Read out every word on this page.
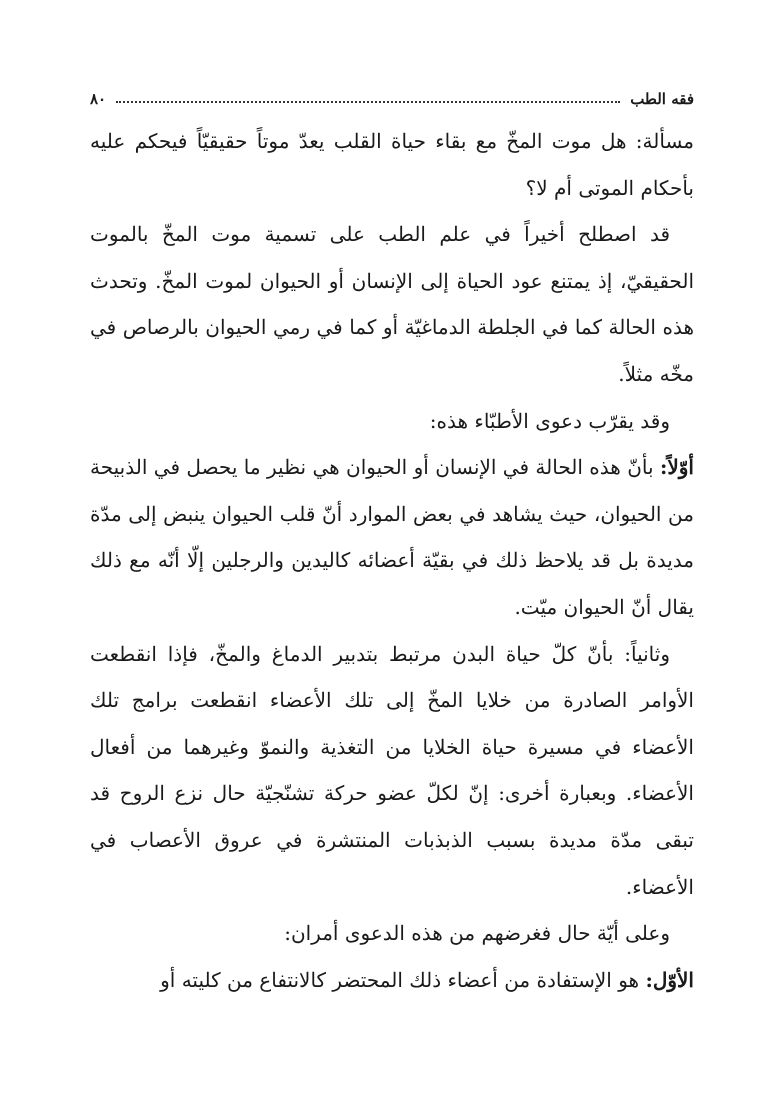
٨٠	فقه الطب

مسألة: هل موت المخّ مع بقاء حياة القلب يعدّ موتاً حقيقيّاً فيحكم عليه بأحكام الموتى أم لا؟

قد اصطلح أخيراً في علم الطب على تسمية موت المخّ بالموت الحقيقيّ، إذ يمتنع عود الحياة إلى الإنسان أو الحيوان لموت المخّ. وتحدث هذه الحالة كما في الجلطة الدماغيّة أو كما في رمي الحيوان بالرصاص في مخّه مثلاً.

وقد يقرّب دعوى الأطبّاء هذه:

أوّلاً: بأنّ هذه الحالة في الإنسان أو الحيوان هي نظير ما يحصل في الذبيحة من الحيوان، حيث يشاهد في بعض الموارد أنّ قلب الحيوان ينبض إلى مدّة مديدة بل قد يلاحظ ذلك في بقيّة أعضائه كاليدين والرجلين إلّا أنّه مع ذلك يقال أنّ الحيوان ميّت.

وثانياً: بأنّ كلّ حياة البدن مرتبط بتدبير الدماغ والمخّ، فإذا انقطعت الأوامر الصادرة من خلايا المخّ إلى تلك الأعضاء انقطعت برامج تلك الأعضاء في مسيرة حياة الخلايا من التغذية والنموّ وغيرهما من أفعال الأعضاء. وبعبارة أخرى: إنّ لكلّ عضو حركة تشنّجيّة حال نزع الروح قد تبقى مدّة مديدة بسبب الذبذبات المنتشرة في عروق الأعصاب في الأعضاء.

وعلى أيّة حال فغرضهم من هذه الدعوى أمران:

الأوّل: هو الإستفادة من أعضاء ذلك المحتضر كالانتفاع من كليته أو
